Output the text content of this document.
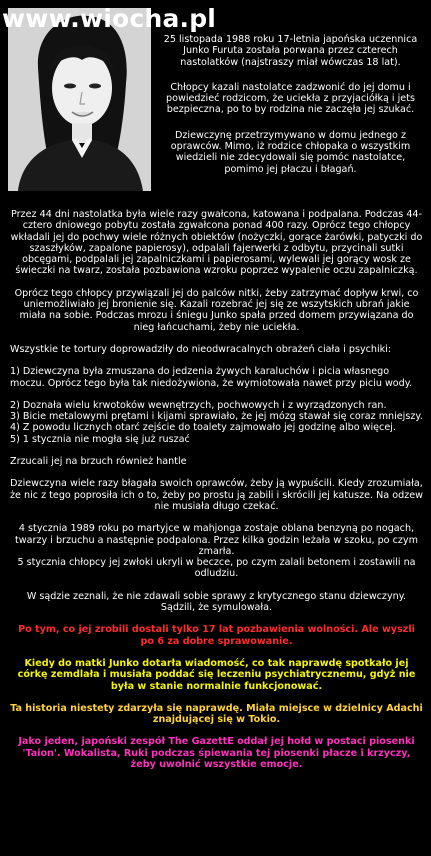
www.wiocha.pl

25 listopada 1988 roku 17-letnia japońska uczennica Junko Furuta została porwana przez czterech nastolatków (najstraszy miał wówczas 18 lat).

Chłopcy kazali nastolatce zadzwonić do jej domu i powiedzieć rodzicom, że uciekła z przyjaciółką i jets bezpieczna, po to by rodzina nie zaczęła jej szukać.

Dziewczynę przetrzymywano w domu jednego z oprawców. Mimo, iż rodzice chłopaka o wszystkim wiedzieli nie zdecydowali się pomóc nastolatce, pomimo jej płaczu i błagań.

Przez 44 dni nastolatka była wiele razy gwałcona, katowana i podpalana. Podczas 44-cztero dniowego pobytu została zgwałcona ponad 400 razy. Oprócz tego chłopcy wkładali jej do pochwy wiele różnych obiektów (nożyczki, gorące żarówki, patyczki do szaszłyków, zapalone papierosy), odpalali fajerwerki z odbytu, przycinali sutki obcęgami, podpalali jej zapalniczkami i papierosami, wylewali jej gorący wosk ze świeczki na twarz, została pozbawiona wzroku poprzez wypalenie oczu zapalniczką.

Oprócz tego chłopcy przywiązali jej do palców nitki, żeby zatrzymać dopływ krwi, co uniemożliwiało jej bronienie się. Kazali rozebrać jej się ze wszytskich ubrań jakie miała na sobie. Podczas mrozu i śniegu Junko spała przed domem przywiązana do nieg łańcuchami, żeby nie uciekła.

Wszystkie te tortury doprowadziły do nieodwracalnych obrażeń ciała i psychiki:

1) Dziewczyna była zmuszana do jedzenia żywych karaluchów i picia własnego moczu. Oprócz tego była tak niedożywiona, że wymiotowała nawet przy piciu wody.

2) Doznała wielu krwotoków wewnętrzych, pochwowych i z wyrządzonych ran.
3) Bicie metalowymi prętami i kijami sprawiało, że jej mózg stawał się coraz mniejszy.
4) Z powodu licznych otarć zejście do toalety zajmowało jej godzinę albo więcej.
5) 1 stycznia nie mogła się już ruszać

Zrzucali jej na brzuch również hantle

Dziewczyna wiele razy błagała swoich oprawców, żeby ją wypuścili. Kiedy zrozumiała, że nic z tego poprosiła ich o to, żeby po prostu ją zabili i skrócili jej katusze. Na odzew nie musiała długo czekać.

4 stycznia 1989 roku po martyjce w mahjonga zostaje oblana benzyną po nogach, twarzy i brzuchu a następnie podpalona. Przez kilka godzin leżała w szoku, po czym zmarła.
5 stycznia chłopcy jej zwłoki ukryli w beczce, po czym zalali betonem i zostawili na odludziu.

W sądzie zeznali, że nie zdawali sobie sprawy z krytycznego stanu dziewczyny. Sądzili, że symulowała.

Po tym, co jej zrobili dostali tylko 17 lat pozbawienia wolności. Ale wyszli po 6 za dobre sprawowanie.

Kiedy do matki Junko dotarła wiadomość, co tak naprawdę spotkało jej córkę zemdlała i musiała poddać się leczeniu psychiatrycznemu, gdyż nie była w stanie normalnie funkcjonować.

Ta historia niestety zdarzyła się naprawdę. Miała miejsce w dzielnicy Adachi znajdującej się w Tokio.

Jako jeden, japoński zespół The GazettE oddał jej hołd w postaci piosenki 'Taion'. Wokalista, Ruki podczas śpiewania tej piosenki płacze i krzyczy, żeby uwolnić wszystkie emocje.
